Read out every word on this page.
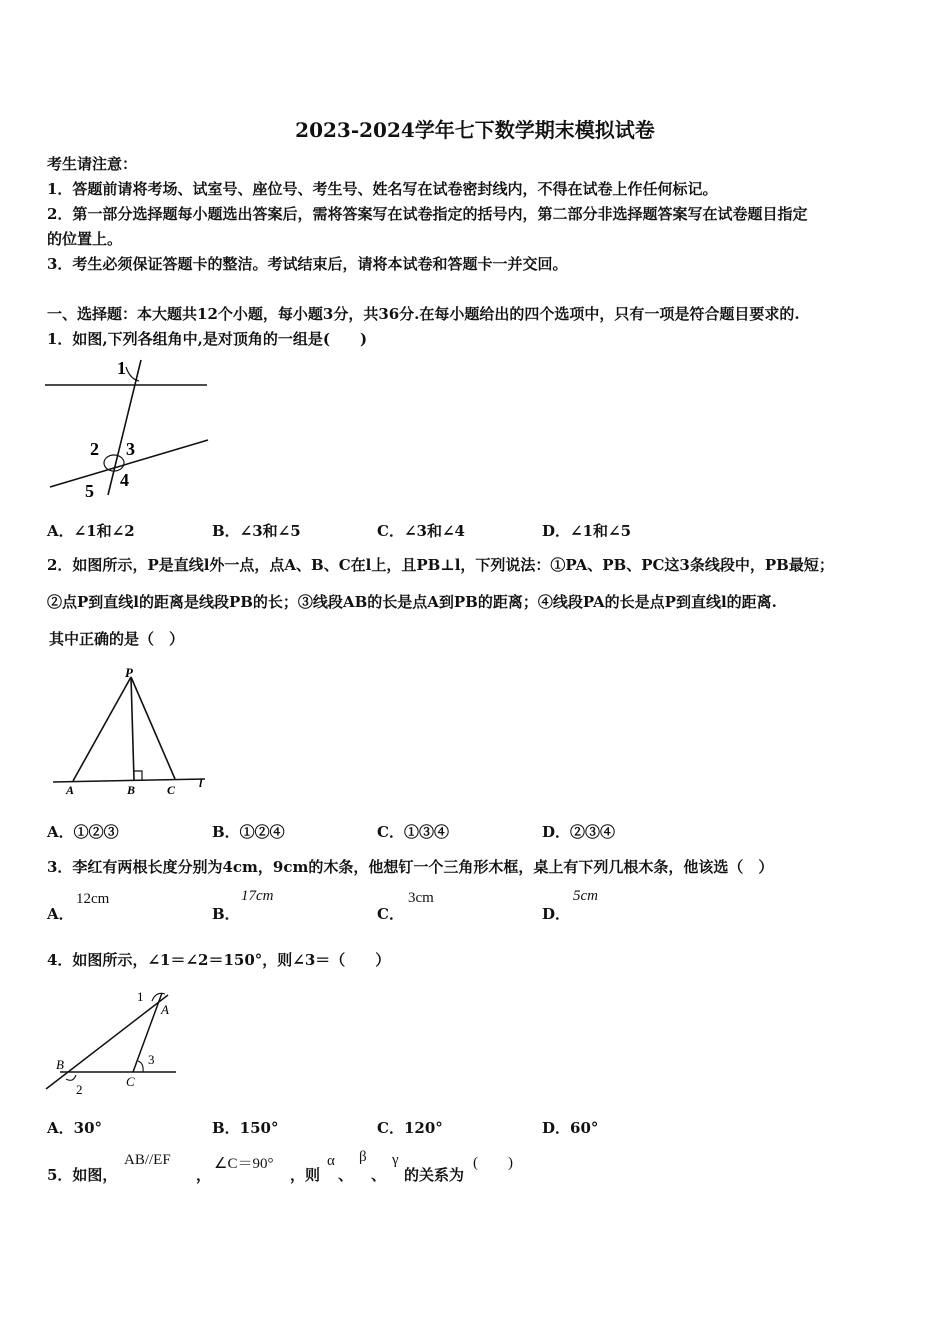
2023-2024学年七下数学期末模拟试卷
考生请注意：
1．答题前请将考场、试室号、座位号、考生号、姓名写在试卷密封线内，不得在试卷上作任何标记。
2．第一部分选择题每小题选出答案后，需将答案写在试卷指定的括号内，第二部分非选择题答案写在试卷题目指定
的位置上。
3．考生必须保证答题卡的整洁。考试结束后，请将本试卷和答题卡一并交回。
一、选择题：本大题共12个小题，每小题3分，共36分.在每小题给出的四个选项中，只有一项是符合题目要求的.
1．如图,下列各组角中,是对顶角的一组是(　　)
1
2 3
4
5
A．∠1和∠2	B．∠3和∠5	C．∠3和∠4	D．∠1和∠5
2．如图所示，P是直线l外一点，点A、B、C在l上，且PB⊥l，下列说法：①PA、PB、PC这3条线段中，PB最短；
②点P到直线l的距离是线段PB的长；③线段AB的长是点A到PB的距离；④线段PA的长是点P到直线l的距离.
其中正确的是（　）
P
A	B	C l
A．①②③	B．①②④	C．①③④	D．②③④
3．李红有两根长度分别为4cm，9cm的木条，他想钉一个三角形木框，桌上有下列几根木条，他该选（　）
A．
12cm
B．
17cm
C．
3cm
D．
5cm
4．如图所示，∠1＝∠2＝150°，则∠3＝（　　）
1
A
B
2
C
3
A．30°	B．150°	C．120°	D．60°
5．如图，
AB//EF
，
∠C＝90°
，则
α
、
β
、
γ
的关系为
(　　)
